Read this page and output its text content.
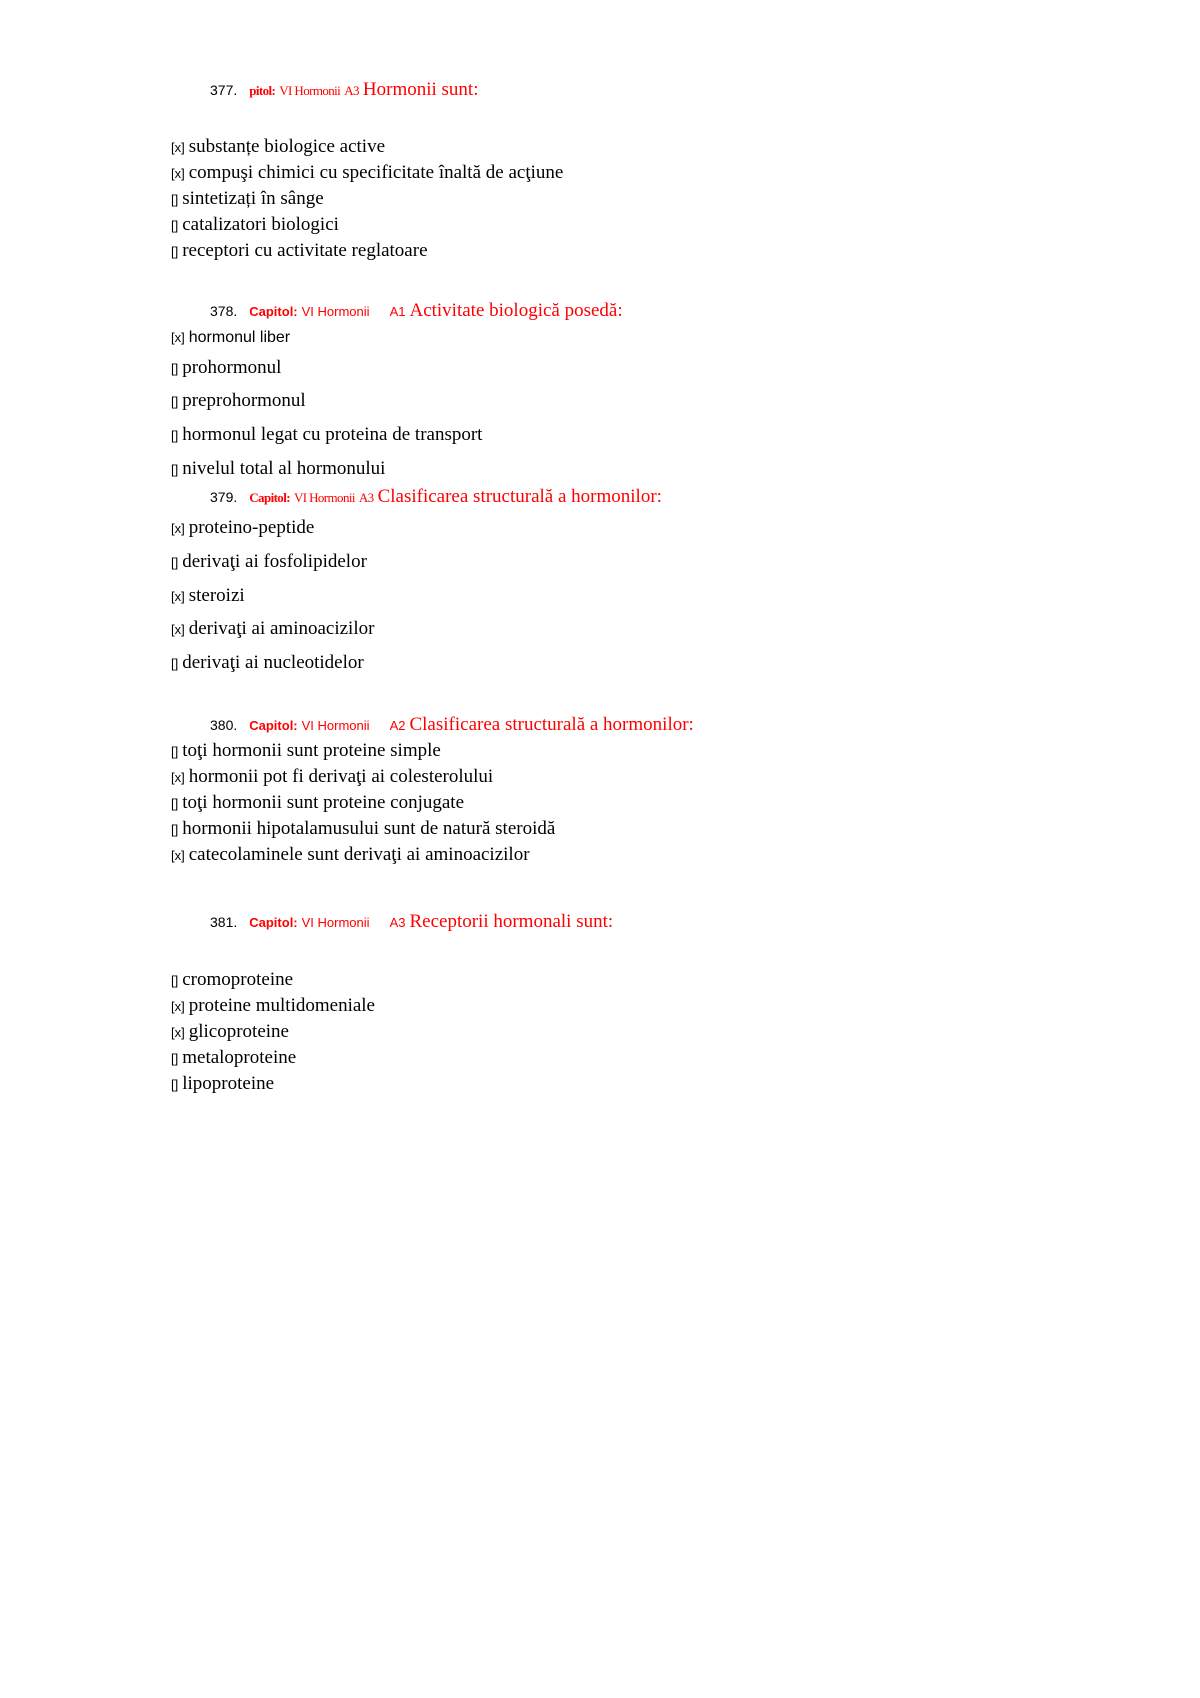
377. pitol: VI Hormonii A3 Hormonii sunt:
[x] substanțe biologice active
[x] compuşi chimici cu specificitate înaltă de acţiune
[] sintetizați în sânge
[] catalizatori biologici
[] receptori cu activitate reglatoare
378. Capitol: VI Hormonii A1 Activitate biologică posedă:
[x] hormonul liber
[] prohormonul
[] preprohormonul
[] hormonul legat cu proteina de transport
[] nivelul total al hormonului
379. Capitol: VI Hormonii A3 Clasificarea structurală a hormonilor:
[x] proteino-peptide
[] derivaţi ai fosfolipidelor
[x] steroizi
[x] derivaţi ai aminoacizilor
[] derivaţi ai nucleotidelor
380. Capitol: VI Hormonii A2 Clasificarea structurală a hormonilor:
[] toţi hormonii sunt proteine simple
[x] hormonii pot fi derivaţi ai colesterolului
[] toţi hormonii sunt proteine conjugate
[] hormonii hipotalamusului sunt de natură steroidă
[x] catecolaminele sunt derivaţi ai aminoacizilor
381. Capitol: VI Hormonii A3 Receptorii hormonali sunt:
[] cromoproteine
[x] proteine multidomeniale
[x] glicoproteine
[] metaloproteine
[] lipoproteine
